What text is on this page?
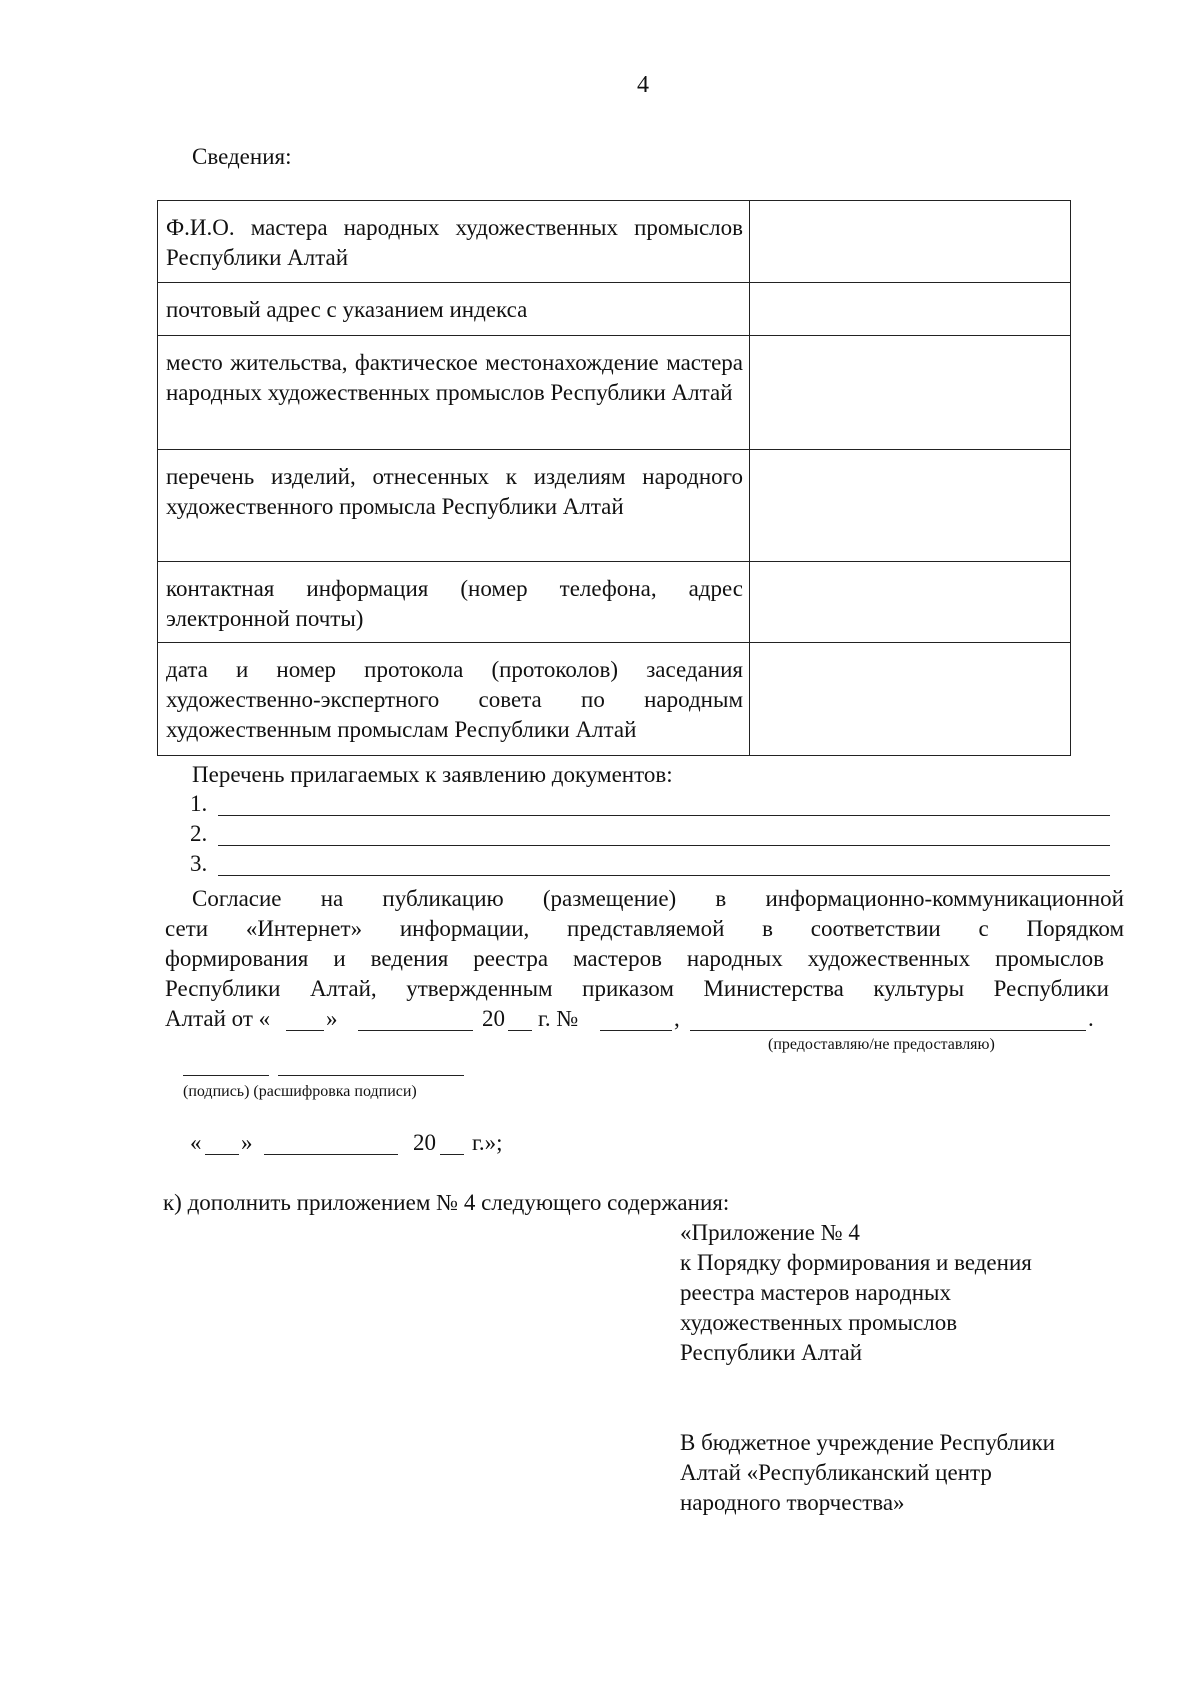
4
Сведения:
Ф.И.О. мастера народных художественных промыслов Республики Алтай	
почтовый адрес с указанием индекса	
место жительства, фактическое местонахождение мастера народных художественных промыслов Республики Алтай	
перечень изделий, отнесенных к изделиям народного художественного промысла Республики Алтай	
контактная информация (номер телефона, адрес электронной почты)	
дата и номер протокола (протоколов) заседания художественно-экспертного совета по народным художественным промыслам Республики Алтай	
Перечень прилагаемых к заявлению документов:
1.
2.
3.
Согласие на публикацию (размещение) в информационно-коммуникационной
сети «Интернет» информации, представляемой в соответствии с Порядком
формирования и ведения реестра мастеров народных художественных промыслов
Республики Алтай, утвержденным приказом Министерства культуры Республики
Алтай от « »	20 г. №	,	.
(предоставляю/не предоставляю)
(подпись) (расшифровка подписи)
« »	20 г.»;
к) дополнить приложением № 4 следующего содержания:
«Приложение № 4
к Порядку формирования и ведения
реестра мастеров народных
художественных промыслов
Республики Алтай
В бюджетное учреждение Республики
Алтай «Республиканский центр
народного творчества»
